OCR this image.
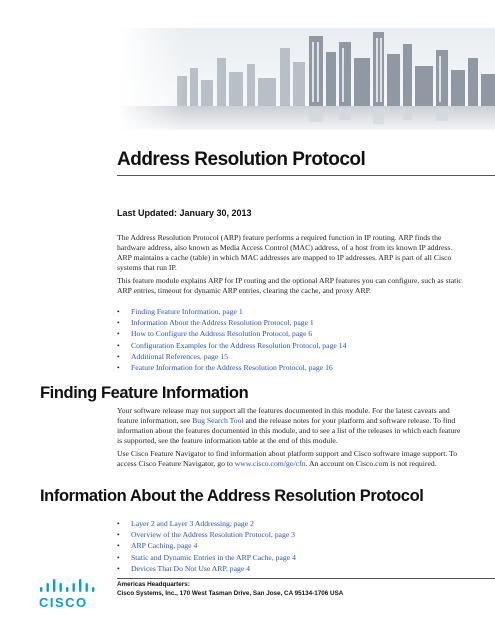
Address Resolution Protocol

Last Updated: January 30, 2013

The Address Resolution Protocol (ARP) feature performs a required function in IP routing. ARP finds the hardware address, also known as Media Access Control (MAC) address, of a host from its known IP address. ARP maintains a cache (table) in which MAC addresses are mapped to IP addresses. ARP is part of all Cisco systems that run IP.

This feature module explains ARP for IP routing and the optional ARP features you can configure, such as static ARP entries, timeout for dynamic ARP entries, clearing the cache, and proxy ARP.

• Finding Feature Information, page 1
• Information About the Address Resolution Protocol, page 1
• How to Configure the Address Resolution Protocol, page 6
• Configuration Examples for the Address Resolution Protocol, page 14
• Additional References, page 15
• Feature Information for the Address Resolution Protocol, page 16
Finding Feature Information

Your software release may not support all the features documented in this module. For the latest caveats and feature information, see Bug Search Tool and the release notes for your platform and software release. To find information about the features documented in this module, and to see a list of the releases in which each feature is supported, see the feature information table at the end of this module.

Use Cisco Feature Navigator to find information about platform support and Cisco software image support. To access Cisco Feature Navigator, go to www.cisco.com/go/cfn. An account on Cisco.com is not required.

Information About the Address Resolution Protocol
• Layer 2 and Layer 3 Addressing, page 2
• Overview of the Address Resolution Protocol, page 3
• ARP Caching, page 4
• Static and Dynamic Entries in the ARP Cache, page 4
• Devices That Do Not Use ARP, page 4

CISCO

Americas Headquarters:
Cisco Systems, Inc., 170 West Tasman Drive, San Jose, CA 95134-1706 USA
